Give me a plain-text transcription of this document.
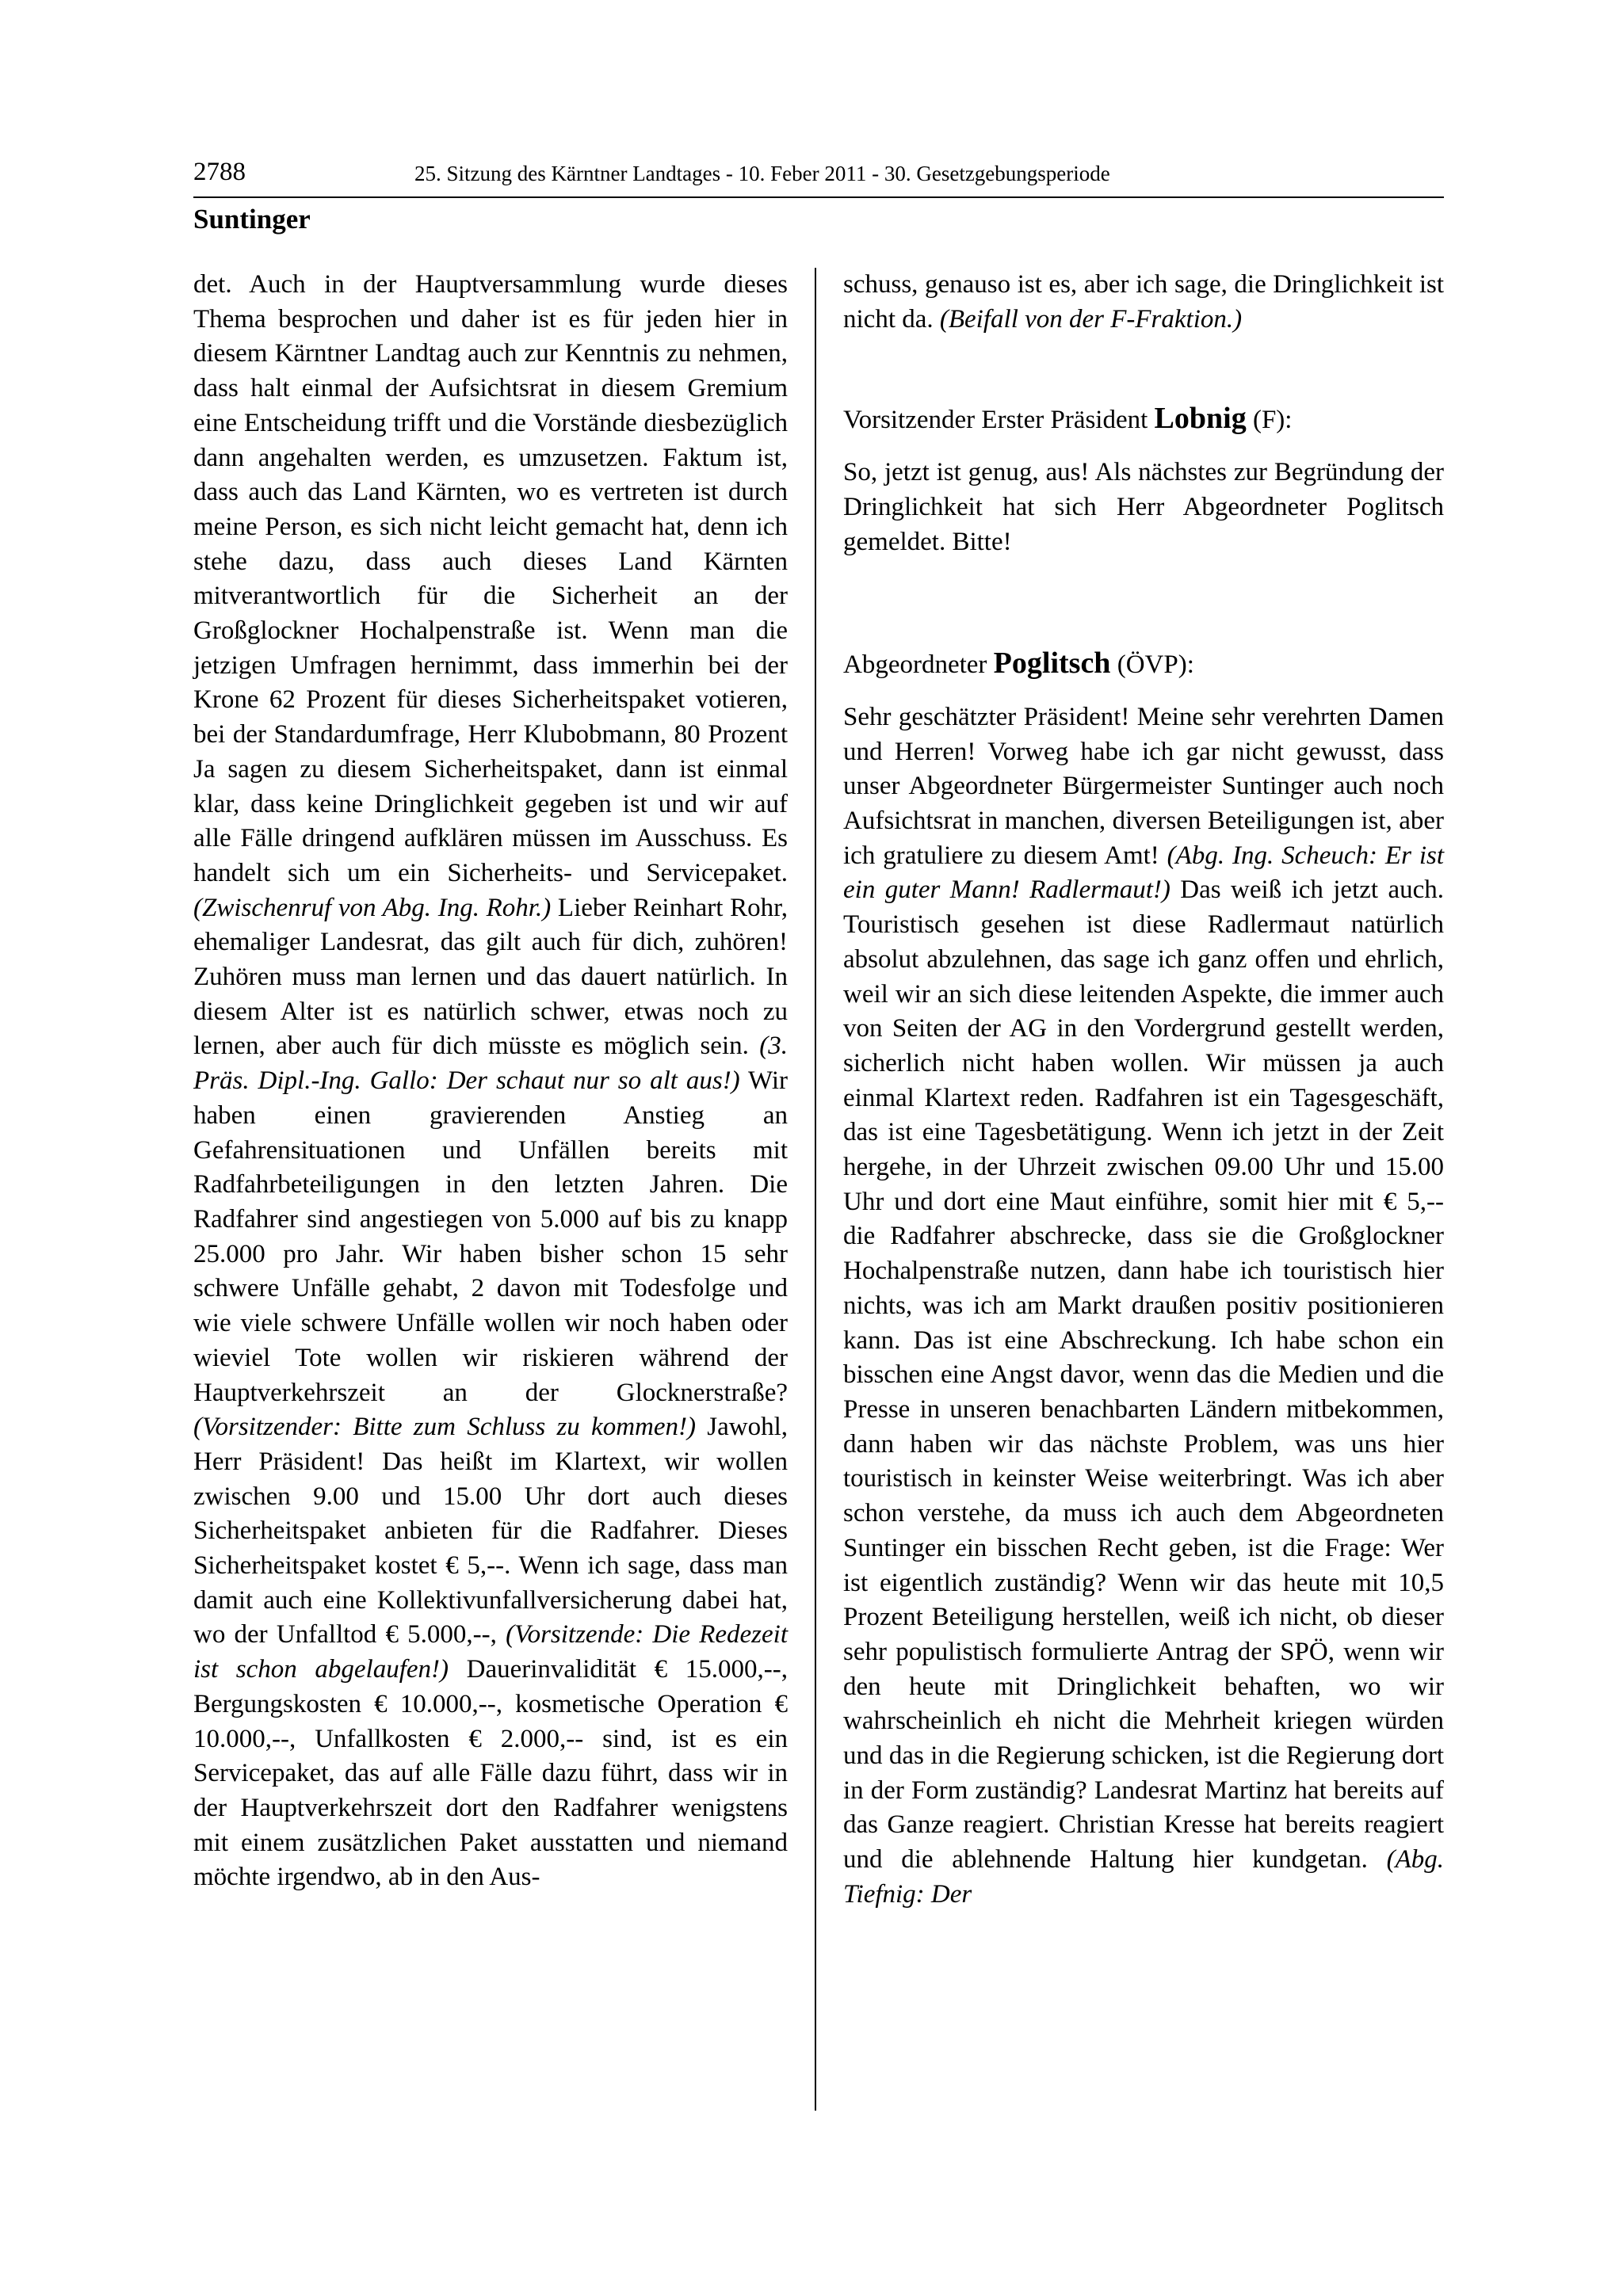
2788	25. Sitzung des Kärntner Landtages - 10. Feber 2011 - 30. Gesetzgebungsperiode
Suntinger

det. Auch in der Hauptversammlung wurde dieses Thema besprochen und daher ist es für jeden hier in diesem Kärntner Landtag auch zur Kenntnis zu nehmen, dass halt einmal der Aufsichtsrat in diesem Gremium eine Entscheidung trifft und die Vorstände diesbezüglich dann angehalten werden, es umzusetzen. Faktum ist, dass auch das Land Kärnten, wo es vertreten ist durch meine Person, es sich nicht leicht gemacht hat, denn ich stehe dazu, dass auch dieses Land Kärnten mitverantwortlich für die Sicherheit an der Großglockner Hochalpenstraße ist. Wenn man die jetzigen Umfragen hernimmt, dass immerhin bei der Krone 62 Prozent für dieses Sicherheitspaket votieren, bei der Standardumfrage, Herr Klubobmann, 80 Prozent Ja sagen zu diesem Sicherheitspaket, dann ist einmal klar, dass keine Dringlichkeit gegeben ist und wir auf alle Fälle dringend aufklären müssen im Ausschuss. Es handelt sich um ein Sicherheits- und Servicepaket. (Zwischenruf von Abg. Ing. Rohr.) Lieber Reinhart Rohr, ehemaliger Landesrat, das gilt auch für dich, zuhören! Zuhören muss man lernen und das dauert natürlich. In diesem Alter ist es natürlich schwer, etwas noch zu lernen, aber auch für dich müsste es möglich sein. (3. Präs. Dipl.-Ing. Gallo: Der schaut nur so alt aus!) Wir haben einen gravierenden Anstieg an Gefahrensituationen und Unfällen bereits mit Radfahrbeteiligungen in den letzten Jahren. Die Radfahrer sind angestiegen von 5.000 auf bis zu knapp 25.000 pro Jahr. Wir haben bisher schon 15 sehr schwere Unfälle gehabt, 2 davon mit Todesfolge und wie viele schwere Unfälle wollen wir noch haben oder wieviel Tote wollen wir riskieren während der Hauptverkehrszeit an der Glocknerstraße? (Vorsitzender: Bitte zum Schluss zu kommen!) Jawohl, Herr Präsident! Das heißt im Klartext, wir wollen zwischen 9.00 und 15.00 Uhr dort auch dieses Sicherheitspaket anbieten für die Radfahrer. Dieses Sicherheitspaket kostet € 5,--. Wenn ich sage, dass man damit auch eine Kollektivunfallversicherung dabei hat, wo der Unfalltod € 5.000,--, (Vorsitzende: Die Redezeit ist schon abgelaufen!) Dauerinvalidität € 15.000,--, Bergungskosten € 10.000,--, kosmetische Operation € 10.000,--, Unfallkosten € 2.000,-- sind, ist es ein Servicepaket, das auf alle Fälle dazu führt, dass wir in der Hauptverkehrszeit dort den Radfahrer wenigstens mit einem zusätzlichen Paket ausstatten und niemand möchte irgendwo, ab in den Aus-

schuss, genauso ist es, aber ich sage, die Dringlichkeit ist nicht da. (Beifall von der F-Fraktion.)

Vorsitzender Erster Präsident Lobnig (F):

So, jetzt ist genug, aus! Als nächstes zur Begründung der Dringlichkeit hat sich Herr Abgeordneter Poglitsch gemeldet. Bitte!

Abgeordneter Poglitsch (ÖVP):

Sehr geschätzter Präsident! Meine sehr verehrten Damen und Herren! Vorweg habe ich gar nicht gewusst, dass unser Abgeordneter Bürgermeister Suntinger auch noch Aufsichtsrat in manchen, diversen Beteiligungen ist, aber ich gratuliere zu diesem Amt! (Abg. Ing. Scheuch: Er ist ein guter Mann! Radlermaut!) Das weiß ich jetzt auch. Touristisch gesehen ist diese Radlermaut natürlich absolut abzulehnen, das sage ich ganz offen und ehrlich, weil wir an sich diese leitenden Aspekte, die immer auch von Seiten der AG in den Vordergrund gestellt werden, sicherlich nicht haben wollen. Wir müssen ja auch einmal Klartext reden. Radfahren ist ein Tagesgeschäft, das ist eine Tagesbetätigung. Wenn ich jetzt in der Zeit hergehe, in der Uhrzeit zwischen 09.00 Uhr und 15.00 Uhr und dort eine Maut einführe, somit hier mit € 5,-- die Radfahrer abschrecke, dass sie die Großglockner Hochalpenstraße nutzen, dann habe ich touristisch hier nichts, was ich am Markt draußen positiv positionieren kann. Das ist eine Abschreckung. Ich habe schon ein bisschen eine Angst davor, wenn das die Medien und die Presse in unseren benachbarten Ländern mitbekommen, dann haben wir das nächste Problem, was uns hier touristisch in keinster Weise weiterbringt. Was ich aber schon verstehe, da muss ich auch dem Abgeordneten Suntinger ein bisschen Recht geben, ist die Frage: Wer ist eigentlich zuständig? Wenn wir das heute mit 10,5 Prozent Beteiligung herstellen, weiß ich nicht, ob dieser sehr populistisch formulierte Antrag der SPÖ, wenn wir den heute mit Dringlichkeit behaften, wo wir wahrscheinlich eh nicht die Mehrheit kriegen würden und das in die Regierung schicken, ist die Regierung dort in der Form zuständig? Landesrat Martinz hat bereits auf das Ganze reagiert. Christian Kresse hat bereits reagiert und die ablehnende Haltung hier kundgetan. (Abg. Tiefnig: Der
